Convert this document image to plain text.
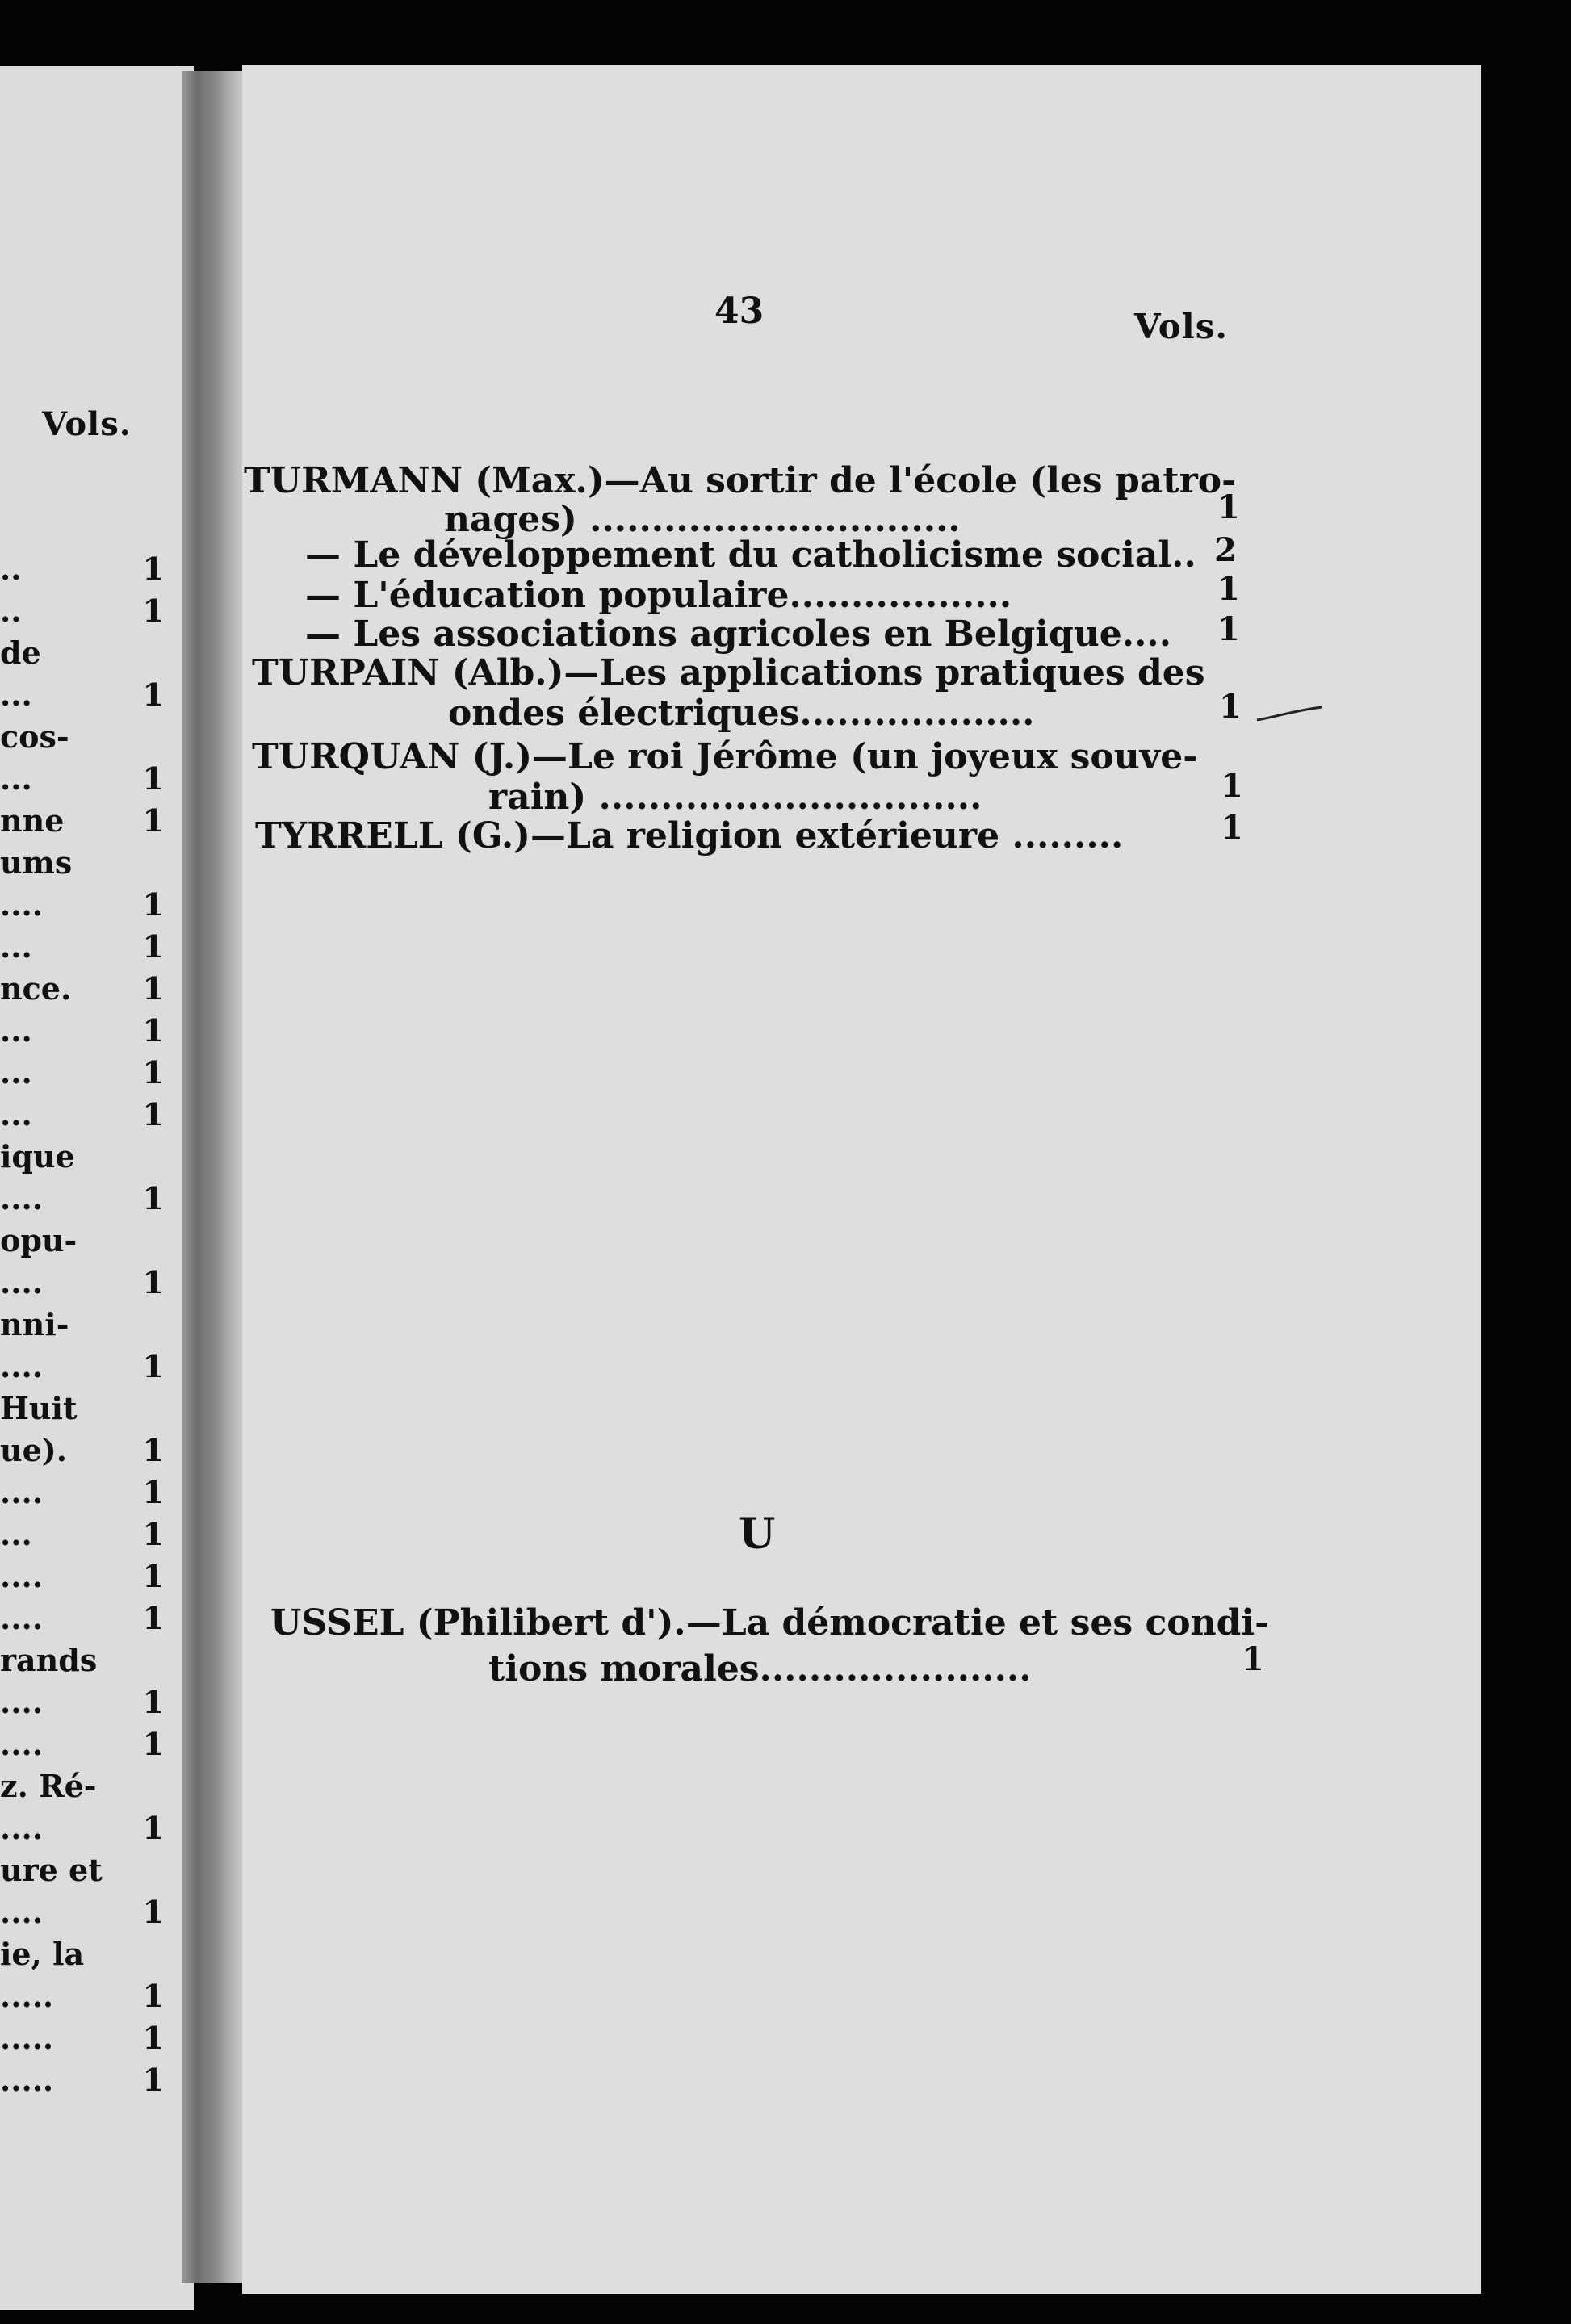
Vols.
..	1
..	1
de
...	1
cos-
...	1
nne	1
ums
....	1
...	1
nce. 1
...	1
...	1
...	1
ique
....	1
opu-
....	1
nni-
....	1
Huit
ue). 1
....	1
...	1
....	1
....	1
rands
....	1
....	1
z. Ré-
....	1
ure et
....	1
ie, la
.....	1
.....	1
.....	1
43	Vols.
TURMANN (Max.)—Au sortir de l'école (les patro-
nages) ..............................	1
— Le développement du catholicisme social.. 2
— L'éducation populaire..................	1
— Les associations agricoles en Belgique.... 1
TURPAIN (Alb.)—Les applications pratiques des
ondes électriques...................	1
TURQUAN (J.)—Le roi Jérôme (un joyeux souve-
rain) ...............................	1
TYRRELL (G.)—La religion extérieure .........	1
U
USSEL (Philibert d').—La démocratie et ses condi-
tions morales......................	1
